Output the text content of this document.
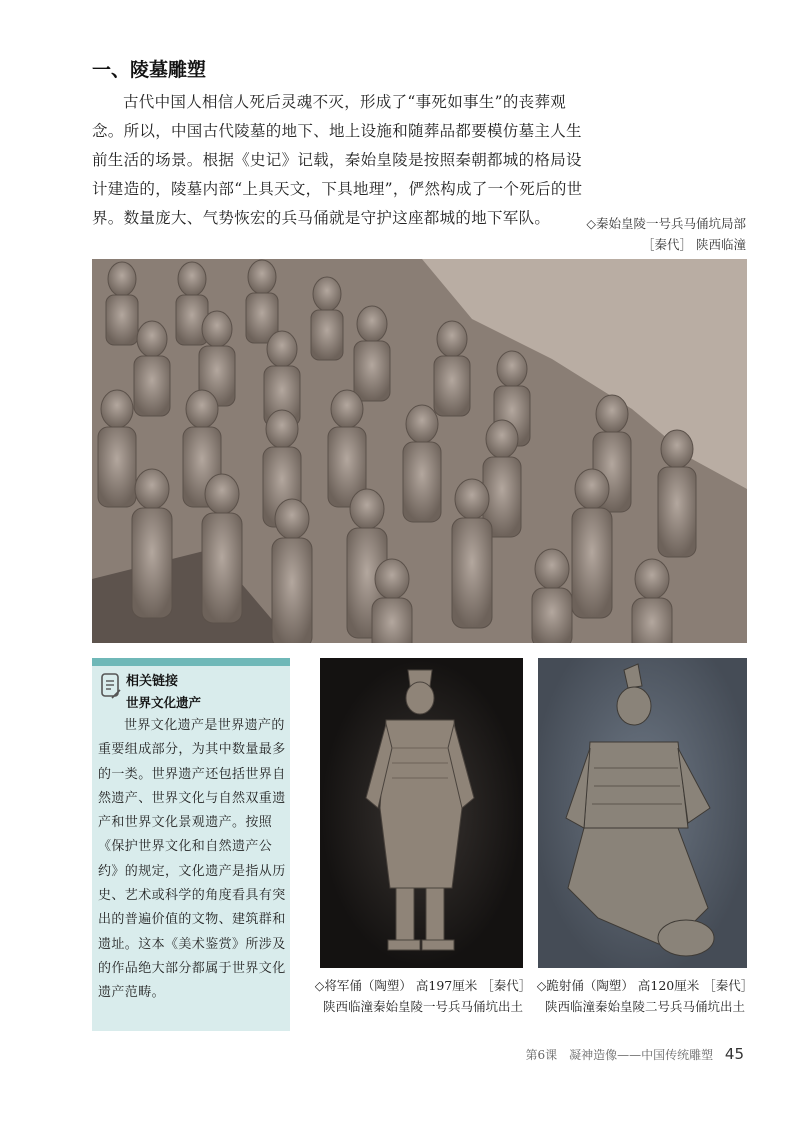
一、陵墓雕塑
古代中国人相信人死后灵魂不灭，形成了“事死如事生”的丧葬观念。所以，中国古代陵墓的地下、地上设施和随葬品都要模仿墓主人生前生活的场景。根据《史记》记载，秦始皇陵是按照秦朝都城的格局设计建造的，陵墓内部“上具天文，下具地理”，俨然构成了一个死后的世界。数量庞大、气势恢宏的兵马俑就是守护这座都城的地下军队。	◇秦始皇陵一号兵马俑坑局部
［秦代］ 陕西临潼
相关链接
世界文化遗产
世界文化遗产是世界遗产的重要组成部分，为其中数量最多的一类。世界遗产还包括世界自然遗产、世界文化与自然双重遗产和世界文化景观遗产。按照《保护世界文化和自然遗产公约》的规定，文化遗产是指从历史、艺术或科学的角度看具有突出的普遍价值的文物、建筑群和遗址。这本《美术鉴赏》所涉及的作品绝大部分都属于世界文化遗产范畴。	◇将军俑（陶塑） 高197厘米 ［秦代］
陕西临潼秦始皇陵一号兵马俑坑出土
◇跪射俑（陶塑） 高120厘米 ［秦代］
陕西临潼秦始皇陵二号兵马俑坑出土
第6课　凝神造像——中国传统雕塑 45
